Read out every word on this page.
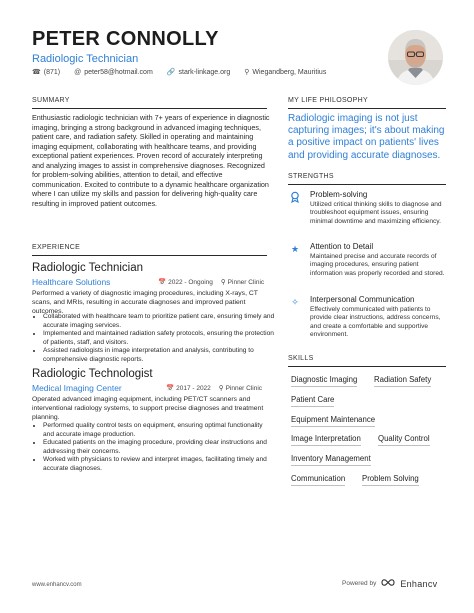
PETER CONNOLLY
Radiologic Technician
☎ (871) @ peter58@hotmail.com 🔗 stark-linkage.org ⚲ Wiegandberg, Mauritius
SUMMARY
Enthusiastic radiologic technician with 7+ years of experience in diagnostic imaging, bringing a strong background in advanced imaging techniques, patient care, and radiation safety. Skilled in operating and maintaining imaging equipment, collaborating with healthcare teams, and providing exceptional patient experiences. Proven record of accurately interpreting and analyzing images to assist in comprehensive diagnoses. Recognized for problem-solving abilities, attention to detail, and effective communication. Excited to contribute to a dynamic healthcare organization where I can utilize my skills and passion for delivering high-quality care resulting in improved patient outcomes.
EXPERIENCE
Radiologic Technician
Healthcare Solutions	📅 2022 - Ongoing ⚲ Pinner Clinic
Performed a variety of diagnostic imaging procedures, including X-rays, CT scans, and MRIs, resulting in accurate diagnoses and improved patient outcomes.
• Collaborated with healthcare team to prioritize patient care, ensuring timely and accurate imaging services.
• Implemented and maintained radiation safety protocols, ensuring the protection of patients, staff, and visitors.
• Assisted radiologists in image interpretation and analysis, contributing to comprehensive diagnostic reports.
Radiologic Technologist
Medical Imaging Center	📅 2017 - 2022 ⚲ Pinner Clinic
Operated advanced imaging equipment, including PET/CT scanners and interventional radiology systems, to support precise diagnoses and treatment planning.
• Performed quality control tests on equipment, ensuring optimal functionality and accurate image production.
• Educated patients on the imaging procedure, providing clear instructions and addressing their concerns.
• Worked with physicians to review and interpret images, facilitating timely and accurate diagnoses.
MY LIFE PHILOSOPHY
Radiologic imaging is not just capturing images; it's about making a positive impact on patients' lives and providing accurate diagnoses.
STRENGTHS
Problem-solving
Utilized critical thinking skills to diagnose and troubleshoot equipment issues, ensuring minimal downtime and maximizing efficiency.
★	Attention to Detail
Maintained precise and accurate records of imaging procedures, ensuring patient information was properly recorded and stored.
✧	Interpersonal Communication
Effectively communicated with patients to provide clear instructions, address concerns, and create a comfortable and supportive environment.
SKILLS
Diagnostic Imaging Radiation Safety
Patient Care
Equipment Maintenance
Image Interpretation Quality Control
Inventory Management
Communication Problem Solving
www.enhancv.com	Powered by	Enhancv
